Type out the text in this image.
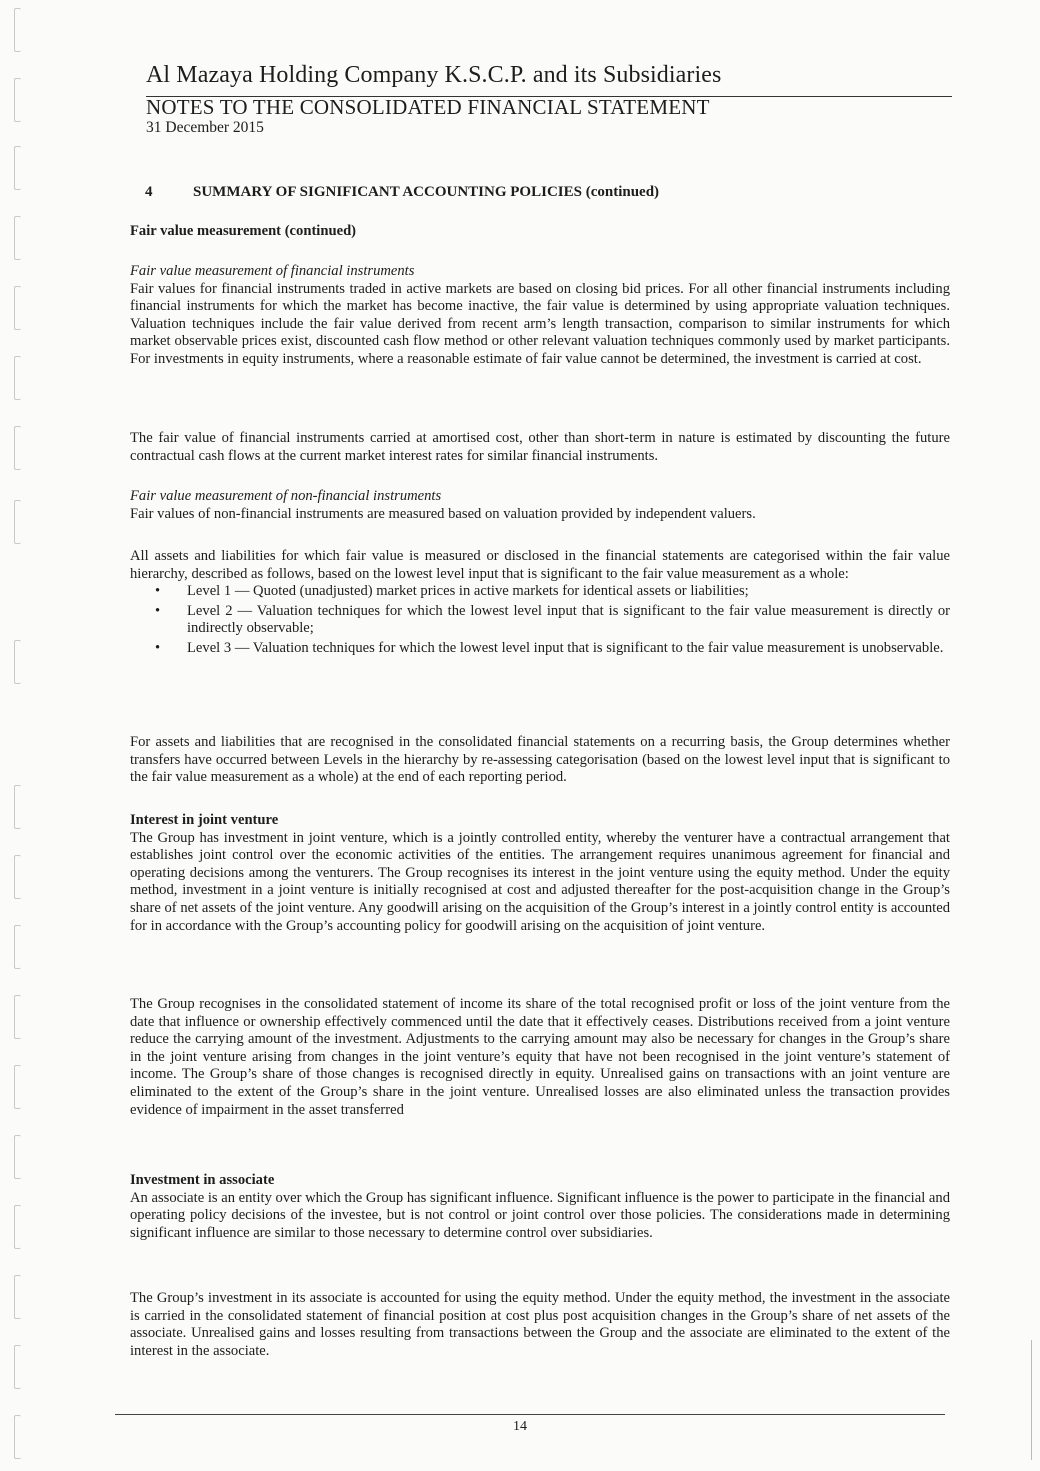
Al Mazaya Holding Company K.S.C.P. and its Subsidiaries
NOTES TO THE CONSOLIDATED FINANCIAL STATEMENT
31 December 2015
4	SUMMARY OF SIGNIFICANT ACCOUNTING POLICIES (continued)

Fair value measurement (continued)

Fair value measurement of financial instruments

Fair values for financial instruments traded in active markets are based on closing bid prices. For all other financial instruments including financial instruments for which the market has become inactive, the fair value is determined by using appropriate valuation techniques. Valuation techniques include the fair value derived from recent arm’s length transaction, comparison to similar instruments for which market observable prices exist, discounted cash flow method or other relevant valuation techniques commonly used by market participants. For investments in equity instruments, where a reasonable estimate of fair value cannot be determined, the investment is carried at cost.

The fair value of financial instruments carried at amortised cost, other than short-term in nature is estimated by discounting the future contractual cash flows at the current market interest rates for similar financial instruments.

Fair value measurement of non-financial instruments

Fair values of non-financial instruments are measured based on valuation provided by independent valuers.

All assets and liabilities for which fair value is measured or disclosed in the financial statements are categorised within the fair value hierarchy, described as follows, based on the lowest level input that is significant to the fair value measurement as a whole:

• Level 1 — Quoted (unadjusted) market prices in active markets for identical assets or liabilities;
• Level 2 — Valuation techniques for which the lowest level input that is significant to the fair value measurement is directly or indirectly observable;
• Level 3 — Valuation techniques for which the lowest level input that is significant to the fair value measurement is unobservable.

For assets and liabilities that are recognised in the consolidated financial statements on a recurring basis, the Group determines whether transfers have occurred between Levels in the hierarchy by re-assessing categorisation (based on the lowest level input that is significant to the fair value measurement as a whole) at the end of each reporting period.

Interest in joint venture

The Group has investment in joint venture, which is a jointly controlled entity, whereby the venturer have a contractual arrangement that establishes joint control over the economic activities of the entities. The arrangement requires unanimous agreement for financial and operating decisions among the venturers. The Group recognises its interest in the joint venture using the equity method. Under the equity method, investment in a joint venture is initially recognised at cost and adjusted thereafter for the post-acquisition change in the Group’s share of net assets of the joint venture. Any goodwill arising on the acquisition of the Group’s interest in a jointly control entity is accounted for in accordance with the Group’s accounting policy for goodwill arising on the acquisition of joint venture.

The Group recognises in the consolidated statement of income its share of the total recognised profit or loss of the joint venture from the date that influence or ownership effectively commenced until the date that it effectively ceases. Distributions received from a joint venture reduce the carrying amount of the investment. Adjustments to the carrying amount may also be necessary for changes in the Group’s share in the joint venture arising from changes in the joint venture’s equity that have not been recognised in the joint venture’s statement of income. The Group’s share of those changes is recognised directly in equity. Unrealised gains on transactions with an joint venture are eliminated to the extent of the Group’s share in the joint venture. Unrealised losses are also eliminated unless the transaction provides evidence of impairment in the asset transferred

Investment in associate

An associate is an entity over which the Group has significant influence. Significant influence is the power to participate in the financial and operating policy decisions of the investee, but is not control or joint control over those policies. The considerations made in determining significant influence are similar to those necessary to determine control over subsidiaries.

The Group’s investment in its associate is accounted for using the equity method. Under the equity method, the investment in the associate is carried in the consolidated statement of financial position at cost plus post acquisition changes in the Group’s share of net assets of the associate. Unrealised gains and losses resulting from transactions between the Group and the associate are eliminated to the extent of the interest in the associate.

14
